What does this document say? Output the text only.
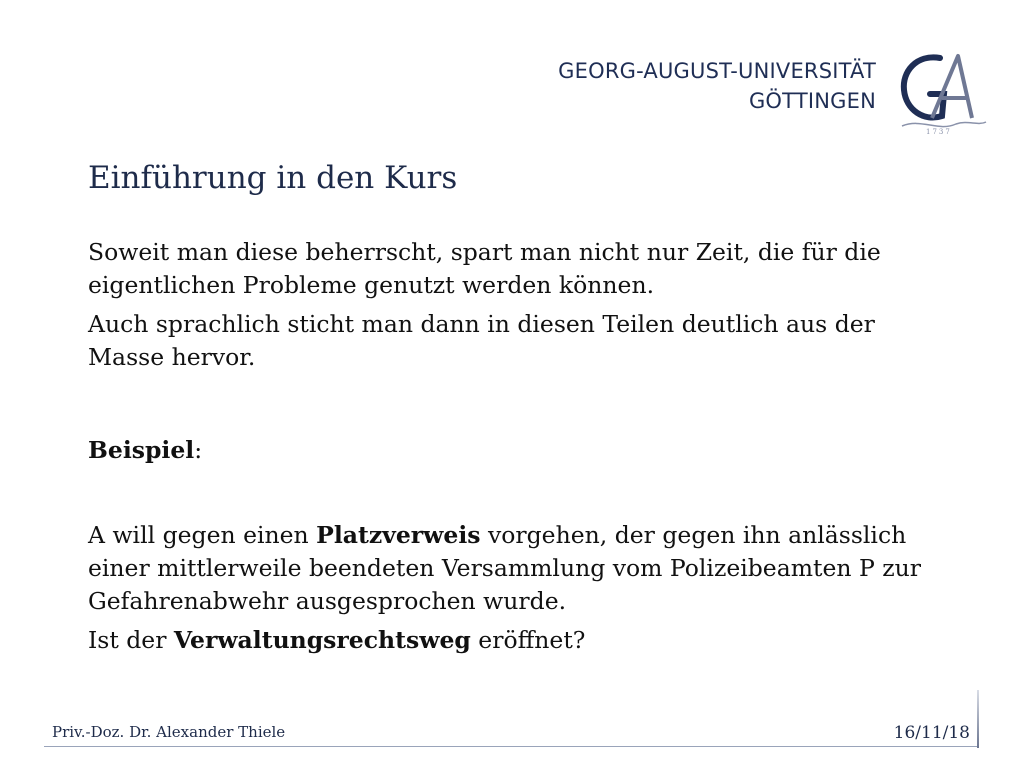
GEORG-AUGUST-UNIVERSITÄT
GÖTTINGEN
1737
Einführung in den Kurs

Soweit man diese beherrscht, spart man nicht nur Zeit, die für die eigentlichen Probleme genutzt werden können.

Auch sprachlich sticht man dann in diesen Teilen deutlich aus der Masse hervor.

Beispiel:

A will gegen einen Platzverweis vorgehen, der gegen ihn anlässlich einer mittlerweile beendeten Versammlung vom Polizeibeamten P zur Gefahrenabwehr ausgesprochen wurde.

Ist der Verwaltungsrechtsweg eröffnet?

Priv.-Doz. Dr. Alexander Thiele	16/11/18
